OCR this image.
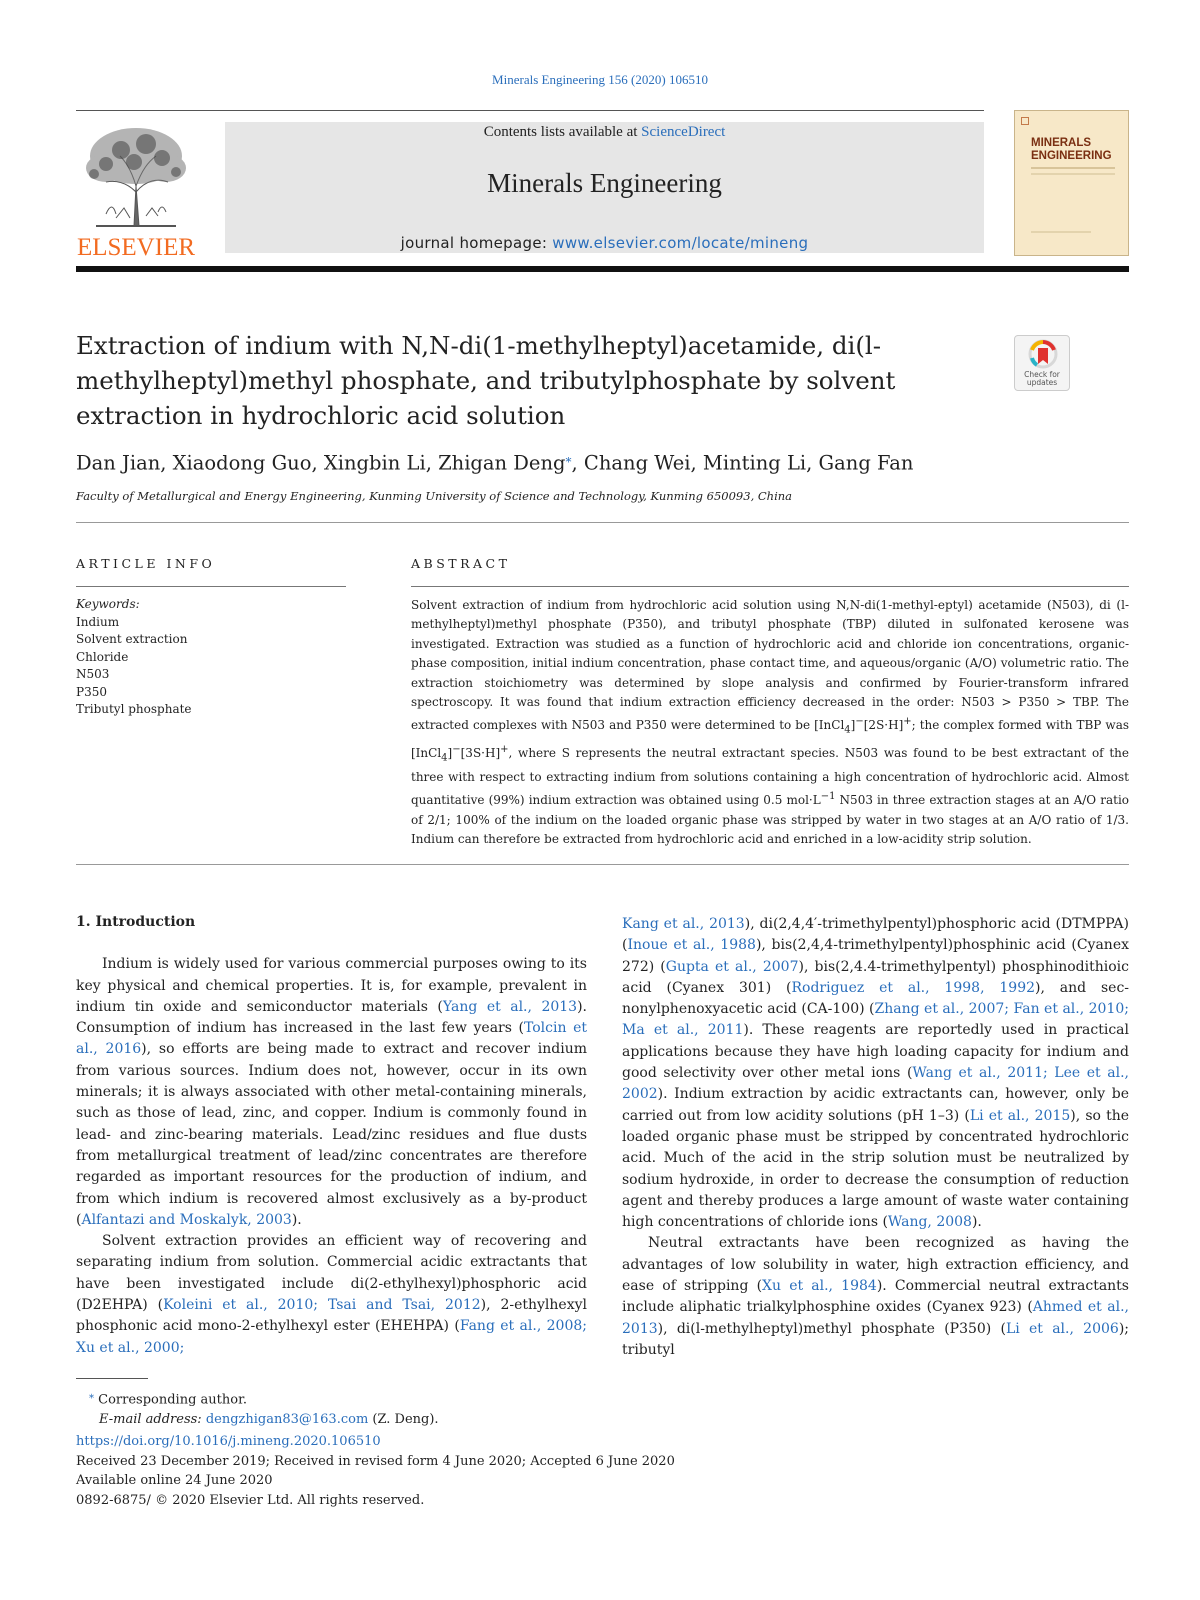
Minerals Engineering 156 (2020) 106510
ELSEVIER
Contents lists available at ScienceDirect
Minerals Engineering
journal homepage: www.elsevier.com/locate/mineng
MINERALS
ENGINEERING
Extraction of indium with N,N-di(1-methylheptyl)acetamide, di(l-methylheptyl)methyl phosphate, and tributylphosphate by solvent extraction in hydrochloric acid solution
Check for
updates
Dan Jian, Xiaodong Guo, Xingbin Li, Zhigan Deng⁎, Chang Wei, Minting Li, Gang Fan
Faculty of Metallurgical and Energy Engineering, Kunming University of Science and Technology, Kunming 650093, China
ARTICLE INFO
Keywords:
Indium
Solvent extraction
Chloride
N503
P350
Tributyl phosphate
ABSTRACT
Solvent extraction of indium from hydrochloric acid solution using N,N-di(1-methyl-eptyl) acetamide (N503), di (l-methylheptyl)methyl phosphate (P350), and tributyl phosphate (TBP) diluted in sulfonated kerosene was investigated. Extraction was studied as a function of hydrochloric acid and chloride ion concentrations, organic-phase composition, initial indium concentration, phase contact time, and aqueous/organic (A/O) volumetric ratio. The extraction stoichiometry was determined by slope analysis and confirmed by Fourier-transform infrared spectroscopy. It was found that indium extraction efficiency decreased in the order: N503 > P350 > TBP. The extracted complexes with N503 and P350 were determined to be [InCl$_4$]−[2S·H]+; the complex formed with TBP was [InCl$_4$]−[3S·H]+, where S represents the neutral extractant species. N503 was found to be best extractant of the three with respect to extracting indium from solutions containing a high concentration of hydrochloric acid. Almost quantitative (99%) indium extraction was obtained using 0.5 $mol\cdot L^{-1}$ N503 in three extraction stages at an A/O ratio of 2/1; 100% of the indium on the loaded organic phase was stripped by water in two stages at an A/O ratio of 1/3. Indium can therefore be extracted from hydrochloric acid and enriched in a low-acidity strip solution.
1. Introduction

Indium is widely used for various commercial purposes owing to its key physical and chemical properties. It is, for example, prevalent in indium tin oxide and semiconductor materials (Yang et al., 2013). Consumption of indium has increased in the last few years (Tolcin et al., 2016), so efforts are being made to extract and recover indium from various sources. Indium does not, however, occur in its own minerals; it is always associated with other metal-containing minerals, such as those of lead, zinc, and copper. Indium is commonly found in lead- and zinc-bearing materials. Lead/zinc residues and flue dusts from metallurgical treatment of lead/zinc concentrates are therefore regarded as important resources for the production of indium, and from which indium is recovered almost exclusively as a by-product (Alfantazi and Moskalyk, 2003).

Solvent extraction provides an efficient way of recovering and separating indium from solution. Commercial acidic extractants that have been investigated include di(2-ethylhexyl)phosphoric acid (D2EHPA) (Koleini et al., 2010; Tsai and Tsai, 2012), 2-ethylhexyl phosphonic acid mono-2-ethylhexyl ester (EHEHPA) (Fang et al., 2008; Xu et al., 2000;

Kang et al., 2013), di(2,4,4′-trimethylpentyl)phosphoric acid (DTMPPA) (Inoue et al., 1988), bis(2,4,4-trimethylpentyl)phosphinic acid (Cyanex 272) (Gupta et al., 2007), bis(2,4.4-trimethylpentyl) phosphinodithioic acid (Cyanex 301) (Rodriguez et al., 1998, 1992), and sec-nonylphenoxyacetic acid (CA-100) (Zhang et al., 2007; Fan et al., 2010; Ma et al., 2011). These reagents are reportedly used in practical applications because they have high loading capacity for indium and good selectivity over other metal ions (Wang et al., 2011; Lee et al., 2002). Indium extraction by acidic extractants can, however, only be carried out from low acidity solutions (pH 1–3) (Li et al., 2015), so the loaded organic phase must be stripped by concentrated hydrochloric acid. Much of the acid in the strip solution must be neutralized by sodium hydroxide, in order to decrease the consumption of reduction agent and thereby produces a large amount of waste water containing high concentrations of chloride ions (Wang, 2008).

Neutral extractants have been recognized as having the advantages of low solubility in water, high extraction efficiency, and ease of stripping (Xu et al., 1984). Commercial neutral extractants include aliphatic trialkylphosphine oxides (Cyanex 923) (Ahmed et al., 2013), di(l-methylheptyl)methyl phosphate (P350) (Li et al., 2006); tributyl

⁎ Corresponding author.
E-mail address: dengzhigan83@163.com (Z. Deng).
https://doi.org/10.1016/j.mineng.2020.106510
Received 23 December 2019; Received in revised form 4 June 2020; Accepted 6 June 2020
Available online 24 June 2020
0892-6875/ © 2020 Elsevier Ltd. All rights reserved.
